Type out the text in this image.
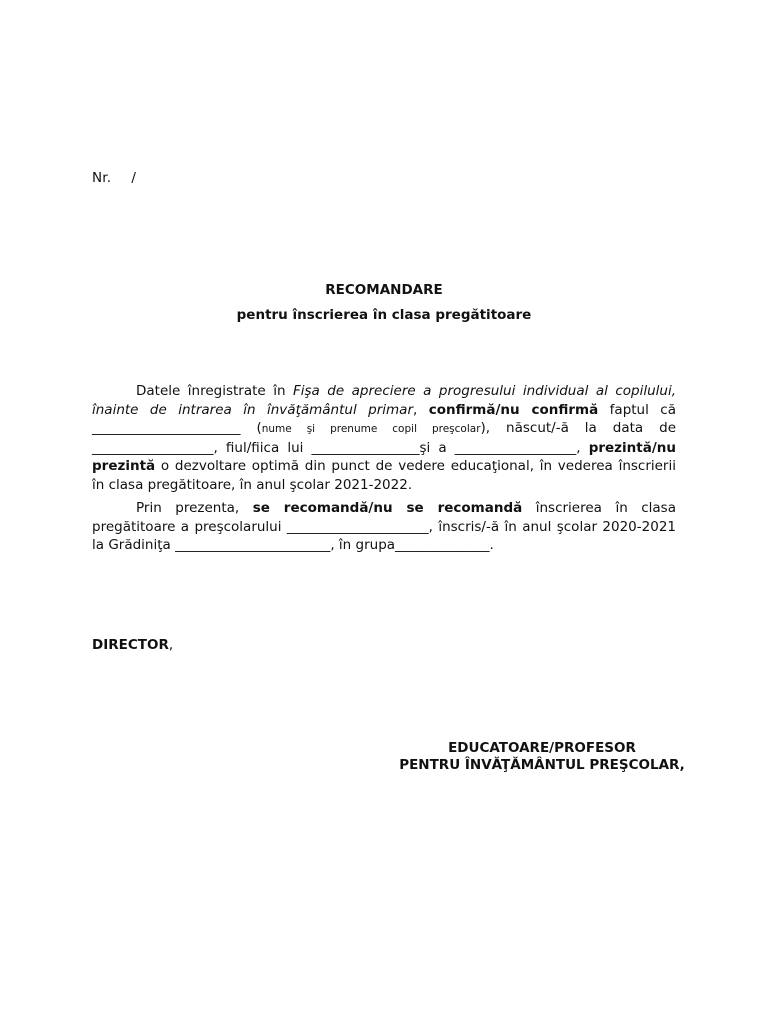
Nr. /
RECOMANDARE
pentru înscrierea în clasa pregătitoare
Datele înregistrate în Fişa de apreciere a progresului individual al copilului, înainte de intrarea în învăţământul primar, confirmă/nu confirmă faptul că ______________________ (nume şi prenume copil preşcolar), născut/-ă la data de __________________, fiul/fiica lui ________________şi a __________________, prezintă/nu prezintă o dezvoltare optimă din punct de vedere educaţional, în vederea înscrierii în clasa pregătitoare, în anul şcolar 2021-2022.
Prin prezenta, se recomandă/nu se recomandă înscrierea în clasa pregătitoare a preşcolarului _____________________, înscris/-ă în anul şcolar 2020-2021 la Grădiniţa _______________________, în grupa______________.
DIRECTOR,
EDUCATOARE/PROFESOR
PENTRU ÎNVĂŢĂMÂNTUL PREŞCOLAR,
